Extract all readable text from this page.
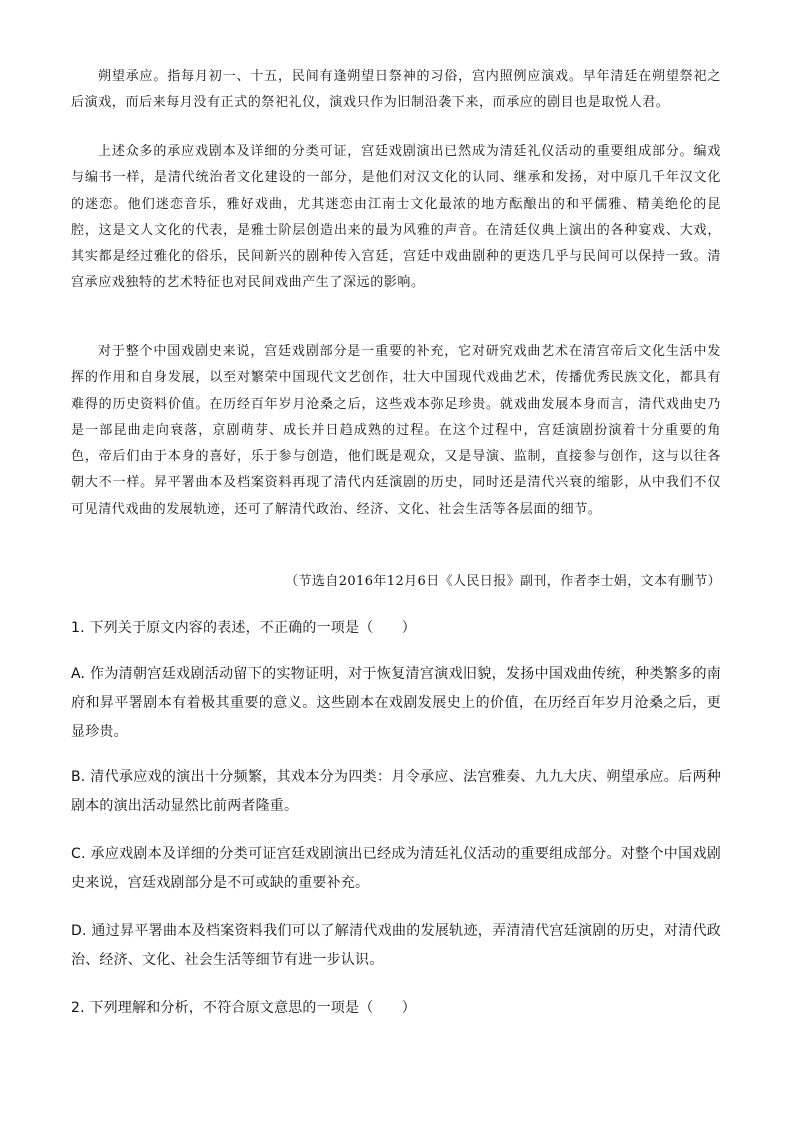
朔望承应。指每月初一、十五，民间有逢朔望日祭神的习俗，宫内照例应演戏。早年清廷在朔望祭祀之后演戏，而后来每月没有正式的祭祀礼仪，演戏只作为旧制沿袭下来，而承应的剧目也是取悦人君。

上述众多的承应戏剧本及详细的分类可证，宫廷戏剧演出已然成为清廷礼仪活动的重要组成部分。编戏与编书一样，是清代统治者文化建设的一部分，是他们对汉文化的认同、继承和发扬，对中原几千年汉文化的迷恋。他们迷恋音乐，雅好戏曲，尤其迷恋由江南士文化最浓的地方酝酿出的和平儒雅、精美绝伦的昆腔，这是文人文化的代表，是雅士阶层创造出来的最为风雅的声音。在清廷仪典上演出的各种宴戏、大戏，其实都是经过雅化的俗乐，民间新兴的剧种传入宫廷，宫廷中戏曲剧种的更迭几乎与民间可以保持一致。清宫承应戏独特的艺术特征也对民间戏曲产生了深远的影响。

对于整个中国戏剧史来说，宫廷戏剧部分是一重要的补充，它对研究戏曲艺术在清宫帝后文化生活中发挥的作用和自身发展，以至对繁荣中国现代文艺创作，壮大中国现代戏曲艺术，传播优秀民族文化，都具有难得的历史资料价值。在历经百年岁月沧桑之后，这些戏本弥足珍贵。就戏曲发展本身而言，清代戏曲史乃是一部昆曲走向衰落，京剧萌芽、成长并日趋成熟的过程。在这个过程中，宫廷演剧扮演着十分重要的角色，帝后们由于本身的喜好，乐于参与创造，他们既是观众，又是导演、监制，直接参与创作，这与以往各朝大不一样。昇平署曲本及档案资料再现了清代内廷演剧的历史，同时还是清代兴衰的缩影，从中我们不仅可见清代戏曲的发展轨迹，还可了解清代政治、经济、文化、社会生活等各层面的细节。

（节选自2016年12月6日《人民日报》副刊，作者李士娟，文本有删节）

1. 下列关于原文内容的表述，不正确的一项是（　　）

A. 作为清朝宫廷戏剧活动留下的实物证明，对于恢复清宫演戏旧貌，发扬中国戏曲传统，种类繁多的南府和昇平署剧本有着极其重要的意义。这些剧本在戏剧发展史上的价值，在历经百年岁月沧桑之后，更显珍贵。

B. 清代承应戏的演出十分频繁，其戏本分为四类：月令承应、法宫雅奏、九九大庆、朔望承应。后两种剧本的演出活动显然比前两者隆重。

C. 承应戏剧本及详细的分类可证宫廷戏剧演出已经成为清廷礼仪活动的重要组成部分。对整个中国戏剧史来说，宫廷戏剧部分是不可或缺的重要补充。

D. 通过昇平署曲本及档案资料我们可以了解清代戏曲的发展轨迹，弄清清代宫廷演剧的历史，对清代政治、经济、文化、社会生活等细节有进一步认识。

2. 下列理解和分析，不符合原文意思的一项是（　　）
